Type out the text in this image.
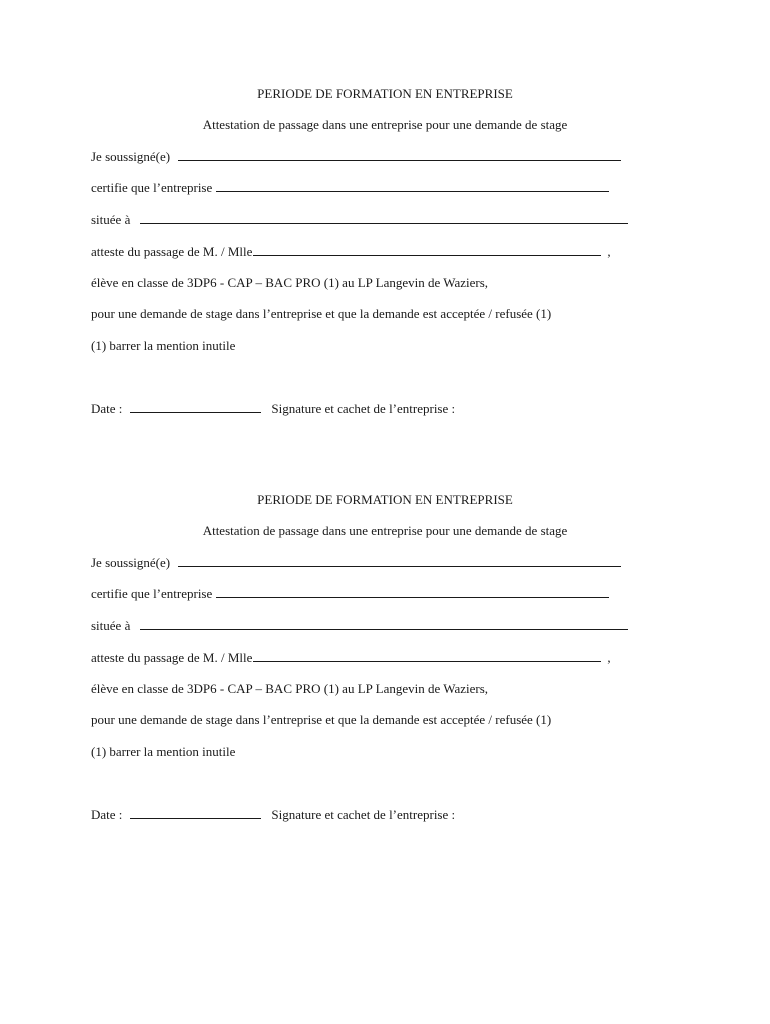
PERIODE DE FORMATION EN ENTREPRISE
Attestation de passage dans une entreprise pour une demande de stage
Je soussigné(e)
certifie que l’entreprise
située à
atteste du passage de M. / Mlle	,
élève en classe de 3DP6 - CAP – BAC PRO (1) au LP Langevin de Waziers,
pour une demande de stage dans l’entreprise et que la demande est acceptée / refusée (1)
(1) barrer la mention inutile
Date :	Signature et cachet de l’entreprise :
PERIODE DE FORMATION EN ENTREPRISE
Attestation de passage dans une entreprise pour une demande de stage
Je soussigné(e)
certifie que l’entreprise
située à
atteste du passage de M. / Mlle	,
élève en classe de 3DP6 - CAP – BAC PRO (1) au LP Langevin de Waziers,
pour une demande de stage dans l’entreprise et que la demande est acceptée / refusée (1)
(1) barrer la mention inutile
Date :	Signature et cachet de l’entreprise :
